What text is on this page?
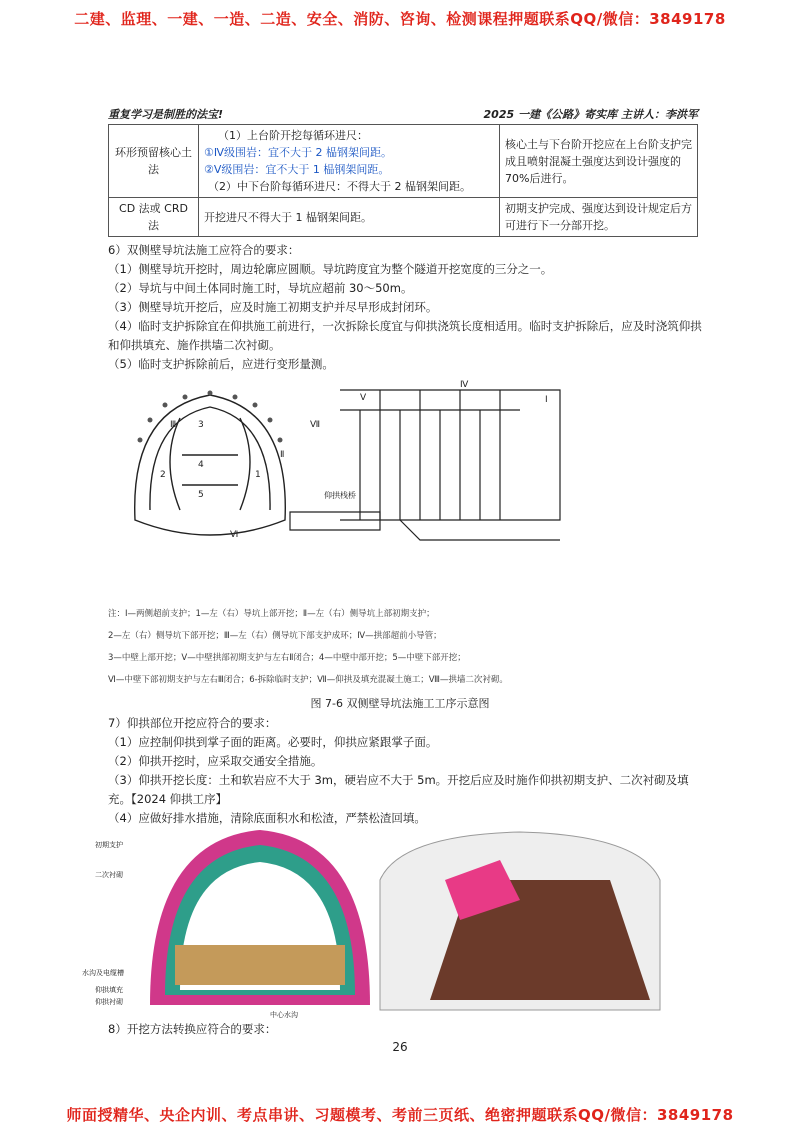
二建、监理、一建、一造、二造、安全、消防、咨询、检测课程押题联系QQ/微信：3849178
重复学习是制胜的法宝!	2025 一建《公路》寄实库 主讲人：李洪军
环形预留核心土法	（1）上台阶开挖每循环进尺：
①Ⅳ级围岩：宜不大于 2 榀钢架间距。
②Ⅴ级围岩：宜不大于 1 榀钢架间距。
（2）中下台阶每循环进尺：不得大于 2 榀钢架间距。	核心土与下台阶开挖应在上台阶支护完成且喷射混凝土强度达到设计强度的 70%后进行。
CD 法或 CRD 法	开挖进尺不得大于 1 榀钢架间距。	初期支护完成、强度达到设计规定后方可进行下一分部开挖。

6）双侧壁导坑法施工应符合的要求：

（1）侧壁导坑开挖时，周边轮廓应圆顺。导坑跨度宜为整个隧道开挖宽度的三分之一。

（2）导坑与中间土体同时施工时，导坑应超前 30～50m。

（3）侧壁导坑开挖后，应及时施工初期支护并尽早形成封闭环。

（4）临时支护拆除宜在仰拱施工前进行，一次拆除长度宜与仰拱浇筑长度相适用。临时支护拆除后，应及时浇筑仰拱和仰拱填充、施作拱墙二次衬砌。

（5）临时支护拆除前后，应进行变形量测。

仰拱栈桥
3
5
2	1
4
Ⅴ
Ⅳ
Ⅰ
Ⅶ
Ⅱ
Ⅵ
Ⅲ
注：Ⅰ—两侧超前支护；1—左（右）导坑上部开挖；Ⅱ—左（右）侧导坑上部初期支护；
2—左（右）侧导坑下部开挖；Ⅲ—左（右）侧导坑下部支护成环；Ⅳ—拱部超前小导管；
3—中壁上部开挖；Ⅴ—中壁拱部初期支护与左右Ⅱ闭合；4—中壁中部开挖；5—中壁下部开挖；
Ⅵ—中壁下部初期支护与左右Ⅲ闭合；6-拆除临时支护；Ⅶ—仰拱及填充混凝土施工；Ⅷ—拱墙二次衬砌。
图 7-6 双侧壁导坑法施工工序示意图

7）仰拱部位开挖应符合的要求：

（1）应控制仰拱到掌子面的距离。必要时，仰拱应紧跟掌子面。

（2）仰拱开挖时，应采取交通安全措施。

（3）仰拱开挖长度：土和软岩应不大于 3m，硬岩应不大于 5m。开挖后应及时施作仰拱初期支护、二次衬砌及填充。【2024 仰拱工序】

（4）应做好排水措施，清除底面积水和松渣，严禁松渣回填。

初期支护
二次衬砌
水沟及电缆槽
仰拱填充
仰拱衬砌
中心水沟
8）开挖方法转换应符合的要求：
26
师面授精华、央企内训、考点串讲、习题模考、考前三页纸、绝密押题联系QQ/微信：3849178
